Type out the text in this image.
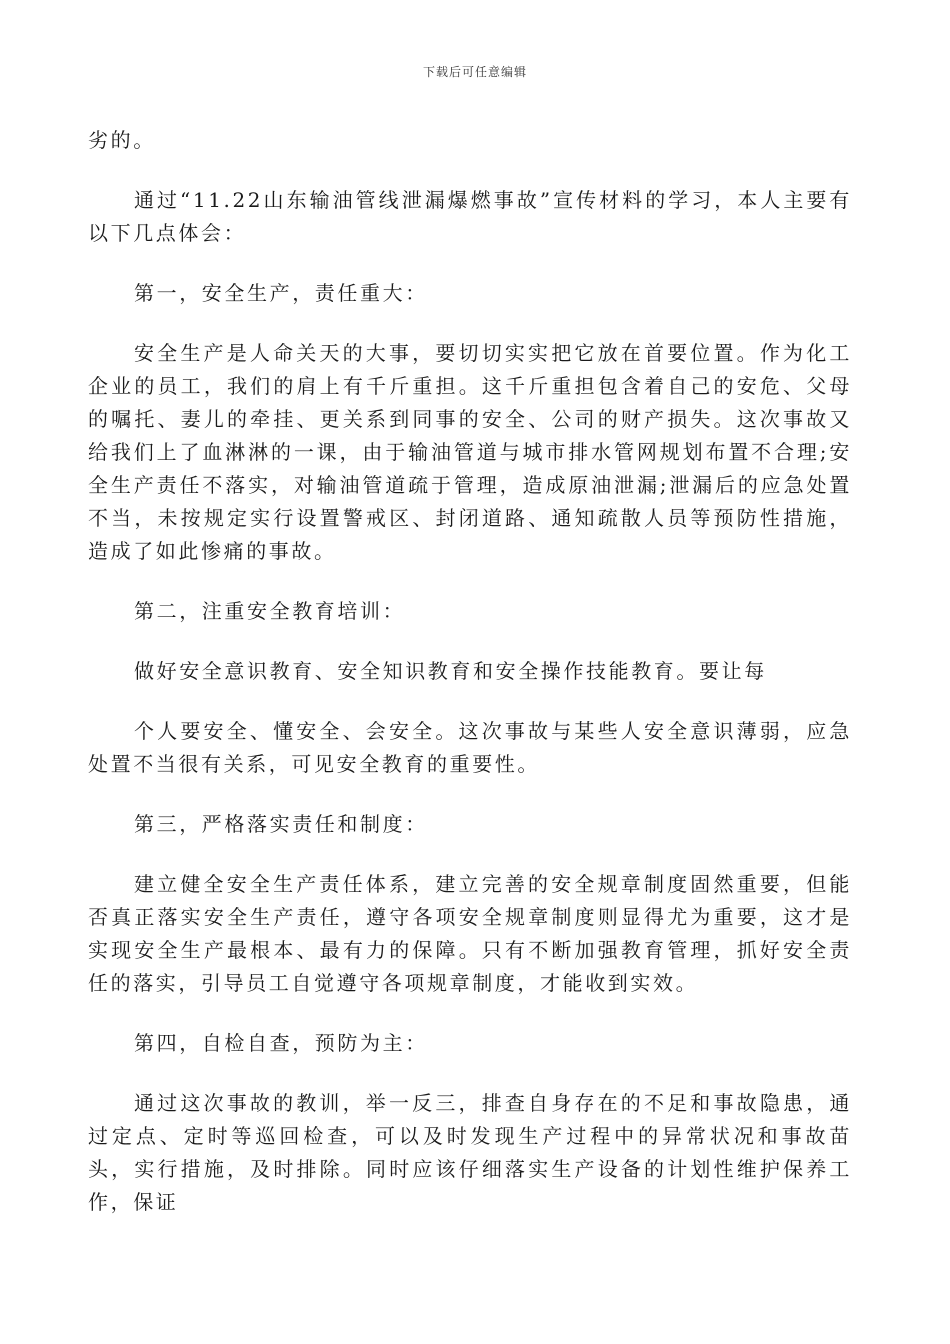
下载后可任意编辑

劣的。

通过“11.22山东输油管线泄漏爆燃事故”宣传材料的学习，本人主要有以下几点体会：

第一，安全生产，责任重大：

安全生产是人命关天的大事，要切切实实把它放在首要位置。作为化工企业的员工，我们的肩上有千斤重担。这千斤重担包含着自己的安危、父母的嘱托、妻儿的牵挂、更关系到同事的安全、公司的财产损失。这次事故又给我们上了血淋淋的一课，由于输油管道与城市排水管网规划布置不合理;安全生产责任不落实，对输油管道疏于管理，造成原油泄漏;泄漏后的应急处置不当，未按规定实行设置警戒区、封闭道路、通知疏散人员等预防性措施，造成了如此惨痛的事故。

第二，注重安全教育培训：

做好安全意识教育、安全知识教育和安全操作技能教育。要让每

个人要安全、懂安全、会安全。这次事故与某些人安全意识薄弱，应急处置不当很有关系，可见安全教育的重要性。

第三，严格落实责任和制度：

建立健全安全生产责任体系，建立完善的安全规章制度固然重要，但能否真正落实安全生产责任，遵守各项安全规章制度则显得尤为重要，这才是实现安全生产最根本、最有力的保障。只有不断加强教育管理，抓好安全责任的落实，引导员工自觉遵守各项规章制度，才能收到实效。

第四，自检自查，预防为主：

通过这次事故的教训，举一反三，排查自身存在的不足和事故隐患，通过定点、定时等巡回检查，可以及时发现生产过程中的异常状况和事故苗头，实行措施，及时排除。同时应该仔细落实生产设备的计划性维护保养工作，保证
